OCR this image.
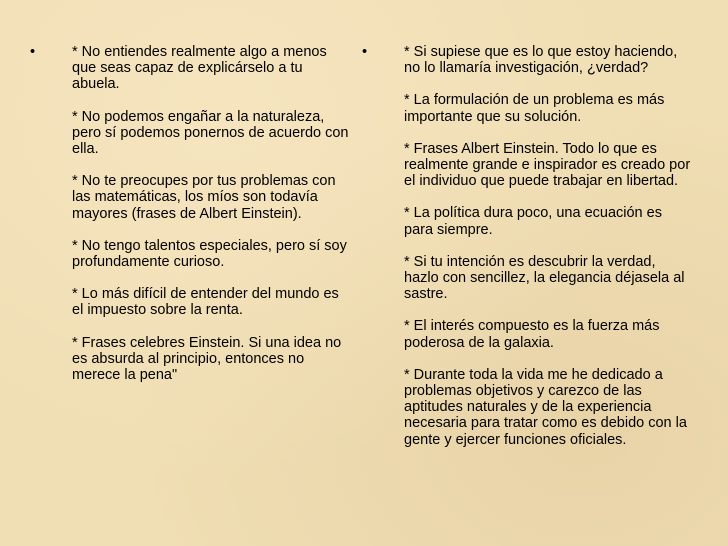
•	* No entiendes realmente algo a menos que seas capaz de explicárselo a tu abuela.

* No podemos engañar a la naturaleza, pero sí podemos ponernos de acuerdo con ella.

* No te preocupes por tus problemas con las matemáticas, los míos son todavía mayores (frases de Albert Einstein).

* No tengo talentos especiales, pero sí soy profundamente curioso.

* Lo más difícil de entender del mundo es el impuesto sobre la renta.

* Frases celebres Einstein. Si una idea no es absurda al principio, entonces no merece la pena"

•	* Si supiese que es lo que estoy haciendo, no lo llamaría investigación, ¿verdad?

* La formulación de un problema es más importante que su solución.

* Frases Albert Einstein. Todo lo que es realmente grande e inspirador es creado por el individuo que puede trabajar en libertad.

* La política dura poco, una ecuación es para siempre.

* Si tu intención es descubrir la verdad, hazlo con sencillez, la elegancia déjasela al sastre.

* El interés compuesto es la fuerza más poderosa de la galaxia.

* Durante toda la vida me he dedicado a problemas objetivos y carezco de las aptitudes naturales y de la experiencia necesaria para tratar como es debido con la gente y ejercer funciones oficiales.
